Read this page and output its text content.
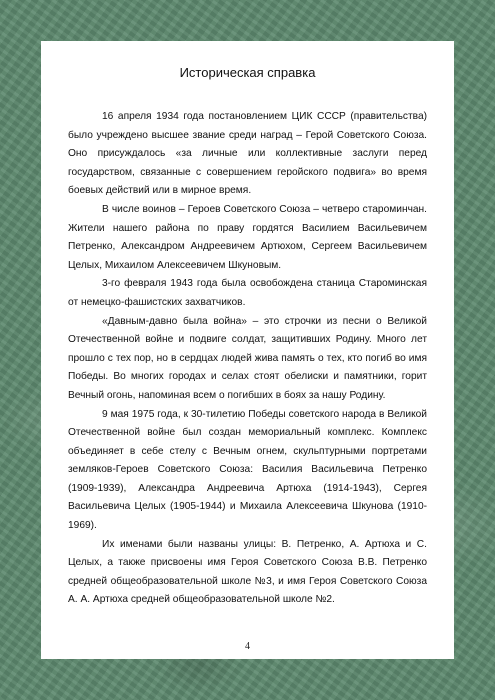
Историческая справка

16 апреля 1934 года постановлением ЦИК СССР (правительства) было учреждено высшее звание среди наград – Герой Советского Союза. Оно присуждалось «за личные или коллективные заслуги перед государством, связанные с совершением геройского подвига» во время боевых действий или в мирное время.

В числе воинов – Героев Советского Союза – четверо староминчан. Жители нашего района по праву гордятся Василием Васильевичем Петренко, Александром Андреевичем Артюхом, Сергеем Васильевичем Целых, Михаилом Алексеевичем Шкуновым.

3-го февраля 1943 года была освобождена станица Староминская от немецко-фашистских захватчиков.

«Давным-давно была война» – это строчки из песни о Великой Отечественной войне и подвиге солдат, защитивших Родину. Много лет прошло с тех пор, но в сердцах людей жива память о тех, кто погиб во имя Победы. Во многих городах и селах стоят обелиски и памятники, горит Вечный огонь, напоминая всем о погибших в боях за нашу Родину.

9 мая 1975 года, к 30-тилетию Победы советского народа в Великой Отечественной войне был создан мемориальный комплекс. Комплекс объединяет в себе стелу с Вечным огнем, скульптурными портретами земляков-Героев Советского Союза: Василия Васильевича Петренко (1909-1939), Александра Андреевича Артюха (1914-1943), Сергея Васильевича Целых (1905-1944) и Михаила Алексеевича Шкунова (1910-1969).

Их именами были названы улицы: В. Петренко, А. Артюха и С. Целых, а также присвоены имя Героя Советского Союза В.В. Петренко средней общеобразовательной школе №3, и имя Героя Советского Союза А. А. Артюха средней общеобразовательной школе №2.

4
